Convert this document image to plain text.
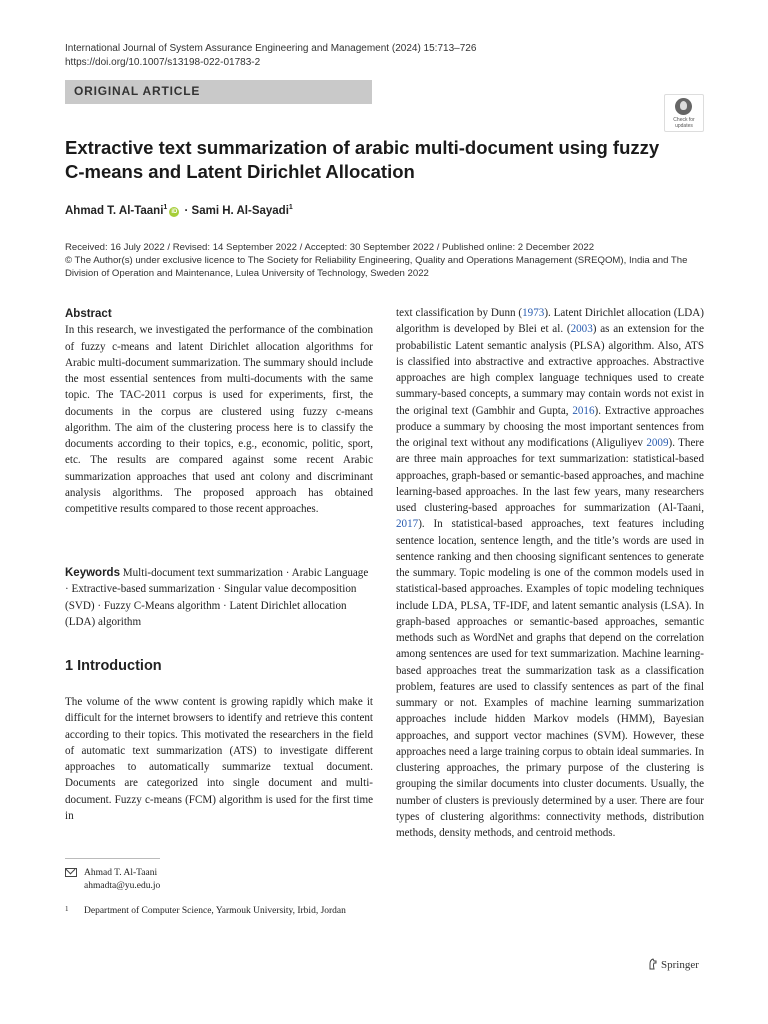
International Journal of System Assurance Engineering and Management (2024) 15:713–726
https://doi.org/10.1007/s13198-022-01783-2
ORIGINAL ARTICLE
Check for updates
Extractive text summarization of arabic multi-document using fuzzy C-means and Latent Dirichlet Allocation
Ahmad T. Al-Taani$^1$iD · Sami H. Al-Sayadi$^1$
Received: 16 July 2022 / Revised: 14 September 2022 / Accepted: 30 September 2022 / Published online: 2 December 2022
© The Author(s) under exclusive licence to The Society for Reliability Engineering, Quality and Operations Management (SREQOM), India and The Division of Operation and Maintenance, Lulea University of Technology, Sweden 2022
Abstract

In this research, we investigated the performance of the combination of fuzzy c-means and latent Dirichlet allocation algorithms for Arabic multi-document summarization. The summary should include the most essential sentences from multi-documents with the same topic. The TAC-2011 corpus is used for experiments, first, the documents in the corpus are clustered using fuzzy c-means algorithm. The aim of the clustering process here is to classify the documents according to their topics, e.g., economic, politic, sport, etc. The results are compared against some recent Arabic summarization approaches that used ant colony and discriminant analysis algorithms. The proposed approach has obtained competitive results compared to those recent approaches.

Keywords Multi-document text summarization · Arabic Language · Extractive-based summarization · Singular value decomposition (SVD) · Fuzzy C-Means algorithm · Latent Dirichlet allocation (LDA) algorithm
1 Introduction
The volume of the www content is growing rapidly which make it difficult for the internet browsers to identify and retrieve this content according to their topics. This motivated the researchers in the field of automatic text summarization (ATS) to investigate different approaches to automatically summarize textual document. Documents are categorized into single document and multi-document. Fuzzy c-means (FCM) algorithm is used for the first time in

text classification by Dunn (1973). Latent Dirichlet allocation (LDA) algorithm is developed by Blei et al. (2003) as an extension for the probabilistic Latent semantic analysis (PLSA) algorithm. Also, ATS is classified into abstractive and extractive approaches. Abstractive approaches are high complex language techniques used to create summary-based concepts, a summary may contain words not exist in the original text (Gambhir and Gupta, 2016). Extractive approaches produce a summary by choosing the most important sentences from the original text without any modifications (Aliguliyev 2009). There are three main approaches for text summarization: statistical-based approaches, graph-based or semantic-based approaches, and machine learning-based approaches. In the last few years, many researchers used clustering-based approaches for summarization (Al-Taani, 2017). In statistical-based approaches, text features including sentence location, sentence length, and the title’s words are used in sentence ranking and then choosing significant sentences to generate the summary. Topic modeling is one of the common models used in statistical-based approaches. Examples of topic modeling techniques include LDA, PLSA, TF-IDF, and latent semantic analysis (LSA). In graph-based approaches or semantic-based approaches, semantic methods such as WordNet and graphs that depend on the correlation among sentences are used for text summarization. Machine learning-based approaches treat the summarization task as a classification problem, features are used to classify sentences as part of the final summary or not. Examples of machine learning summarization approaches include hidden Markov models (HMM), Bayesian approaches, and support vector machines (SVM). However, these approaches need a large training corpus to obtain ideal summaries. In clustering approaches, the primary purpose of the clustering is grouping the similar documents into cluster documents. Usually, the number of clusters is previously determined by a user. There are four types of clustering algorithms: connectivity methods, distribution methods, density methods, and centroid methods.

Ahmad T. Al-Taani
ahmadta@yu.edu.jo
1 Department of Computer Science, Yarmouk University, Irbid, Jordan
Springer
